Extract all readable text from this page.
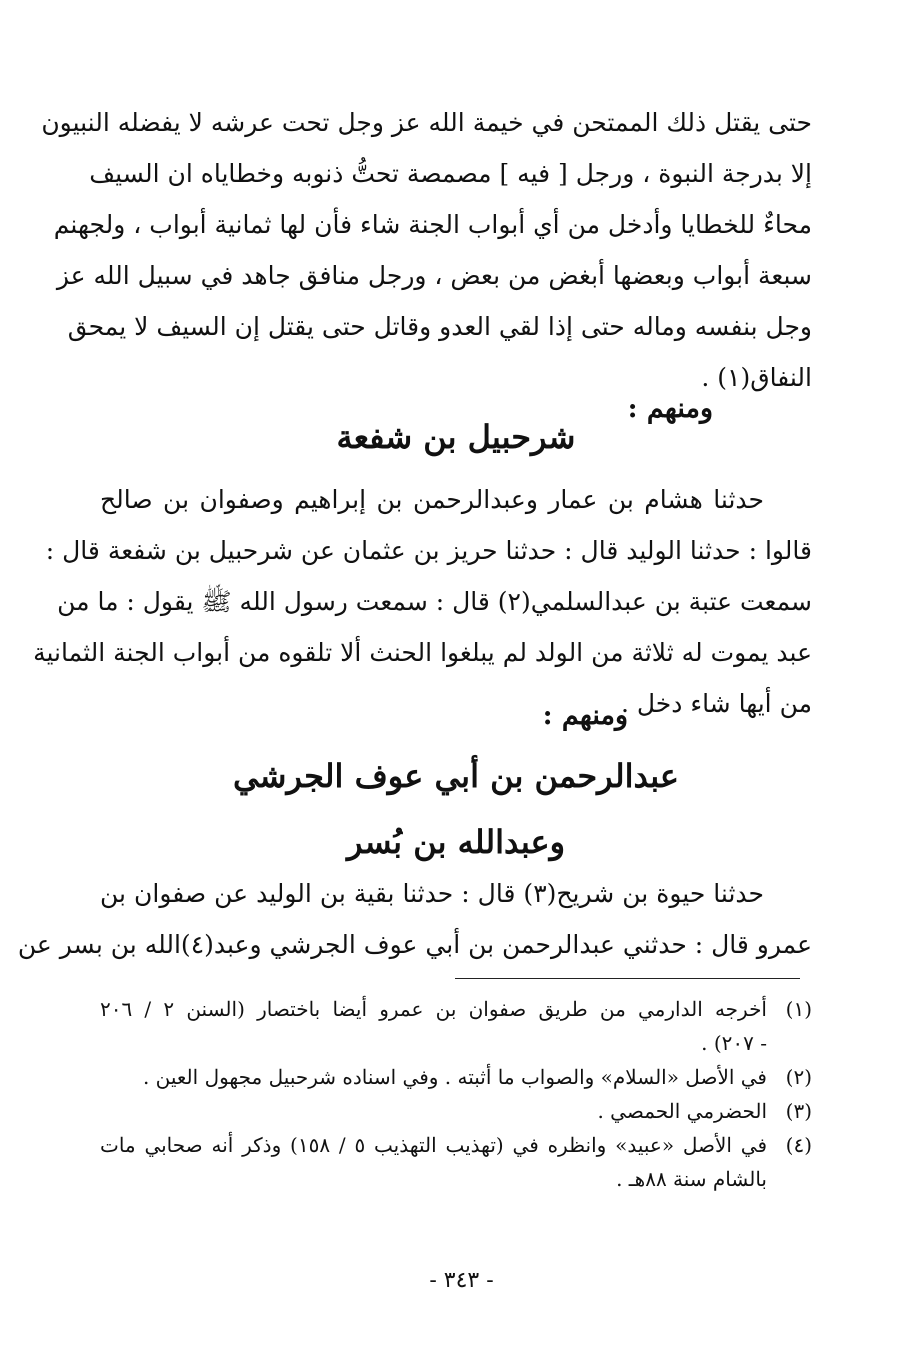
حتى يقتل ذلك الممتحن في خيمة الله عز وجل تحت عرشه لا يفضله النبيون
إلا بدرجة النبوة ، ورجل [ فيه ] مصمصة تحتُّ ذنوبه وخطاياه ان السيف
محاءٌ للخطايا وأدخل من أي أبواب الجنة شاء فأن لها ثمانية أبواب ، ولجهنم
سبعة أبواب وبعضها أبغض من بعض ، ورجل منافق جاهد في سبيل الله عز
وجل بنفسه وماله حتى إذا لقي العدو وقاتل حتى يقتل إن السيف لا يمحق
النفاق(١) .
ومنهم :
شرحبيل بن شفعة
حدثنا هشام بن عمار وعبدالرحمن بن إبراهيم وصفوان بن صالح
قالوا : حدثنا الوليد قال : حدثنا حريز بن عثمان عن شرحبيل بن شفعة قال :
سمعت عتبة بن عبدالسلمي(٢) قال : سمعت رسول الله ﷺ يقول : ما من
عبد يموت له ثلاثة من الولد لم يبلغوا الحنث ألا تلقوه من أبواب الجنة الثمانية
من أيها شاء دخل .
ومنهم :
عبدالرحمن بن أبي عوف الجرشي
وعبدالله بن بُسر
حدثنا حيوة بن شريح(٣) قال : حدثنا بقية بن الوليد عن صفوان بن
عمرو قال : حدثني عبدالرحمن بن أبي عوف الجرشي وعبد(٤)الله بن بسر عن
(١)
أخرجه الدارمي من طريق صفوان بن عمرو أيضا باختصار (السنن ٢ / ٢٠٦
- ٢٠٧) .
(٢)
في الأصل «السلام» والصواب ما أثبته . وفي اسناده شرحبيل مجهول العين .
(٣)
الحضرمي الحمصي .
(٤)
في الأصل «عبيد» وانظره في (تهذيب التهذيب ٥ / ١٥٨) وذكر أنه صحابي مات
بالشام سنة ٨٨هـ .
- ٣٤٣ -
